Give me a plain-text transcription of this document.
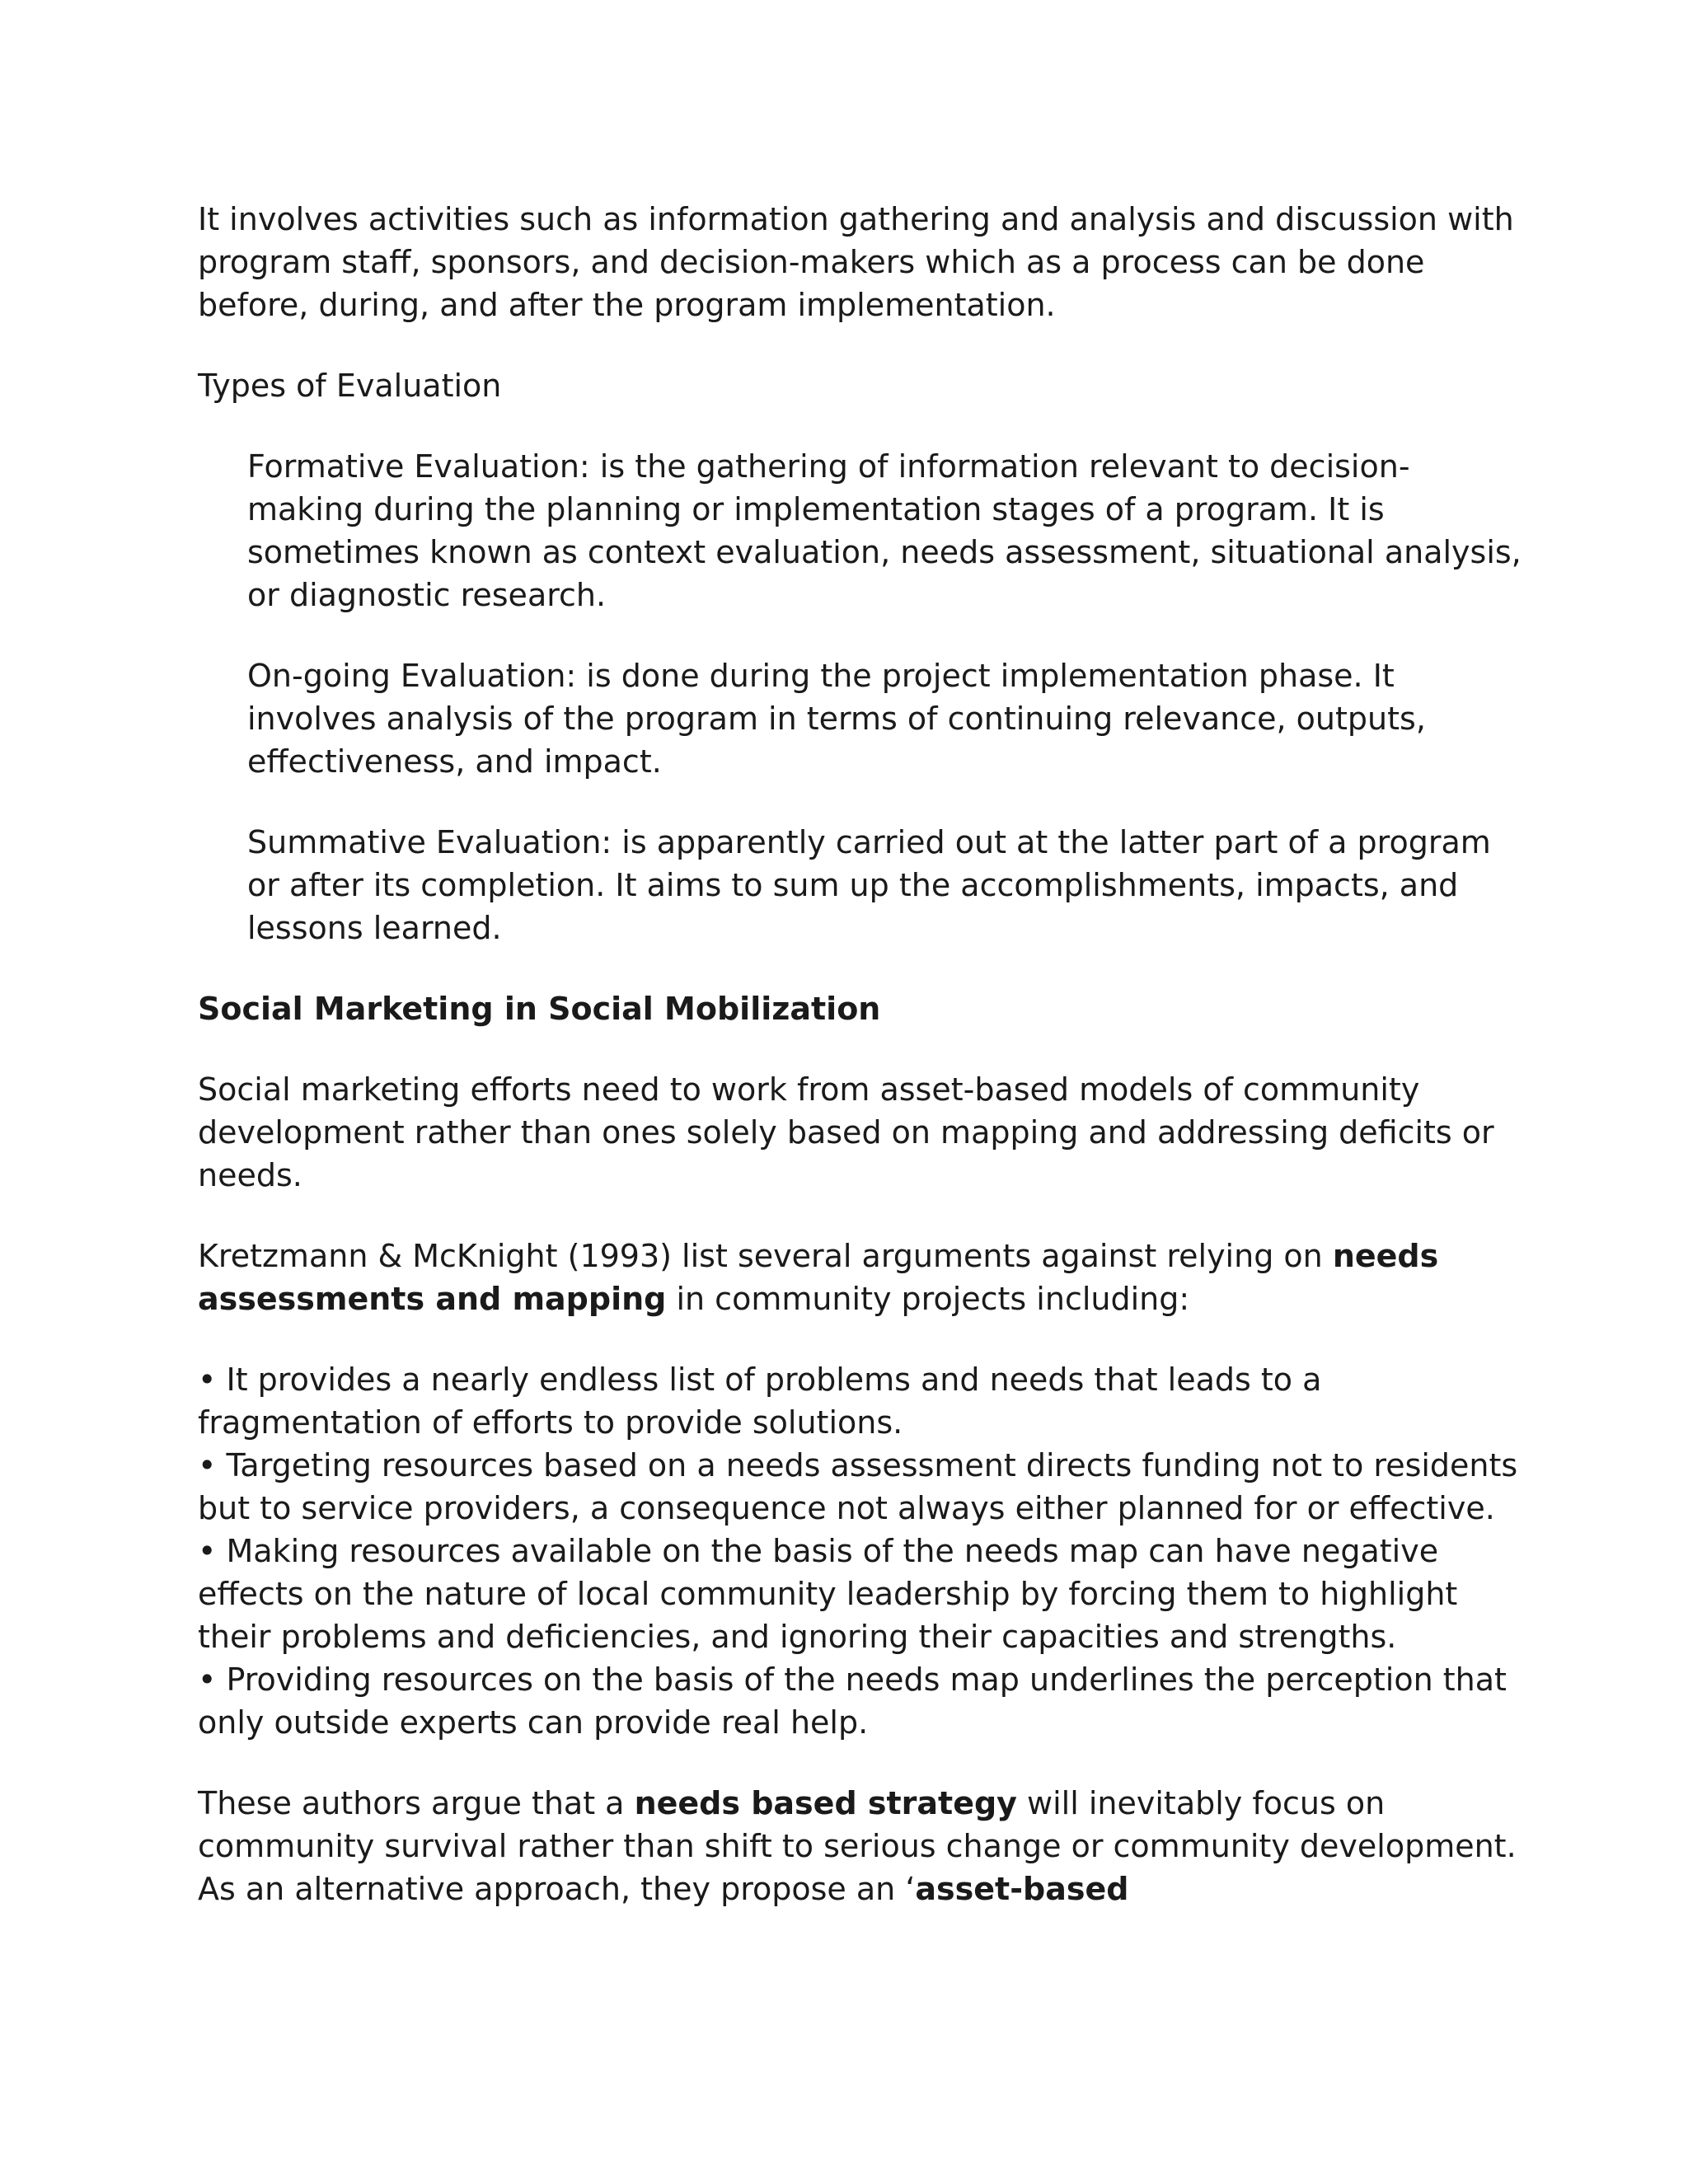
It involves activities such as information gathering and analysis and discussion with program staff, sponsors, and decision-makers which as a process can be done before, during, and after the program implementation.

Types of Evaluation

Formative Evaluation: is the gathering of information relevant to decision-making during the planning or implementation stages of a program. It is sometimes known as context evaluation, needs assessment, situational analysis, or diagnostic research.

On-going Evaluation: is done during the project implementation phase. It involves analysis of the program in terms of continuing relevance, outputs, effectiveness, and impact.

Summative Evaluation: is apparently carried out at the latter part of a program or after its completion. It aims to sum up the accomplishments, impacts, and lessons learned.

Social Marketing in Social Mobilization

Social marketing efforts need to work from asset-based models of community development rather than ones solely based on mapping and addressing deficits or needs.

Kretzmann & McKnight (1993) list several arguments against relying on needs assessments and mapping in community projects including:

• It provides a nearly endless list of problems and needs that leads to a fragmentation of efforts to provide solutions.

• Targeting resources based on a needs assessment directs funding not to residents but to service providers, a consequence not always either planned for or effective.

• Making resources available on the basis of the needs map can have negative effects on the nature of local community leadership by forcing them to highlight their problems and deficiencies, and ignoring their capacities and strengths.

• Providing resources on the basis of the needs map underlines the perception that only outside experts can provide real help.

These authors argue that a needs based strategy will inevitably focus on community survival rather than shift to serious change or community development. As an alternative approach, they propose an ‘asset-based
